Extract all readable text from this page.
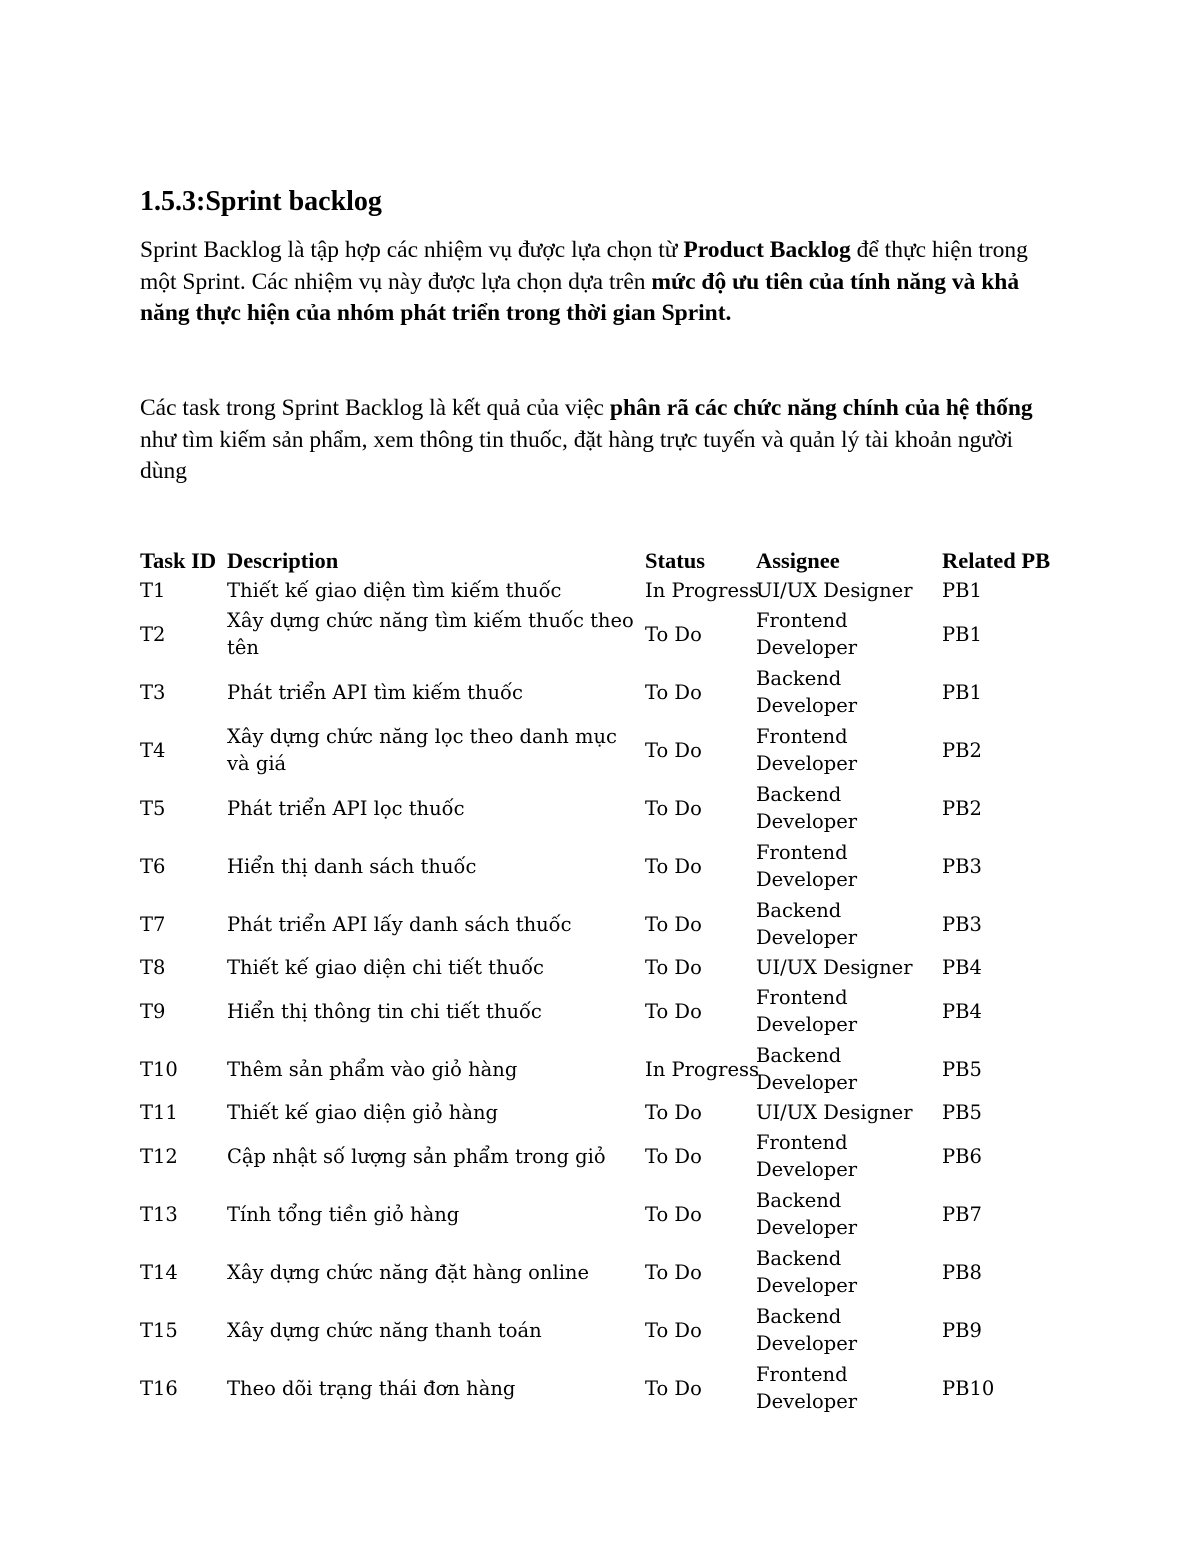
1.5.3:Sprint backlog

Sprint Backlog là tập hợp các nhiệm vụ được lựa chọn từ Product Backlog để thực hiện trong một Sprint. Các nhiệm vụ này được lựa chọn dựa trên mức độ ưu tiên của tính năng và khả năng thực hiện của nhóm phát triển trong thời gian Sprint.

Các task trong Sprint Backlog là kết quả của việc phân rã các chức năng chính của hệ thống như tìm kiếm sản phẩm, xem thông tin thuốc, đặt hàng trực tuyến và quản lý tài khoản người dùng

Task ID	Description	Status	Assignee	Related PB
T1	Thiết kế giao diện tìm kiếm thuốc	In Progress	UI/UX Designer	PB1
T2	Xây dựng chức năng tìm kiếm thuốc theo tên	To Do	Frontend Developer	PB1
T3	Phát triển API tìm kiếm thuốc	To Do	Backend Developer	PB1
T4	Xây dựng chức năng lọc theo danh mục và giá	To Do	Frontend Developer	PB2
T5	Phát triển API lọc thuốc	To Do	Backend Developer	PB2
T6	Hiển thị danh sách thuốc	To Do	Frontend Developer	PB3
T7	Phát triển API lấy danh sách thuốc	To Do	Backend Developer	PB3
T8	Thiết kế giao diện chi tiết thuốc	To Do	UI/UX Designer	PB4
T9	Hiển thị thông tin chi tiết thuốc	To Do	Frontend Developer	PB4
T10	Thêm sản phẩm vào giỏ hàng	In Progress	Backend Developer	PB5
T11	Thiết kế giao diện giỏ hàng	To Do	UI/UX Designer	PB5
T12	Cập nhật số lượng sản phẩm trong giỏ	To Do	Frontend Developer	PB6
T13	Tính tổng tiền giỏ hàng	To Do	Backend Developer	PB7
T14	Xây dựng chức năng đặt hàng online	To Do	Backend Developer	PB8
T15	Xây dựng chức năng thanh toán	To Do	Backend Developer	PB9
T16	Theo dõi trạng thái đơn hàng	To Do	Frontend Developer	PB10
